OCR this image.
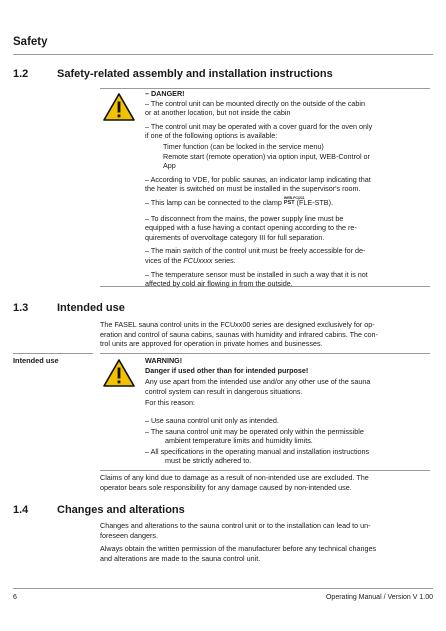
Safety
1.2	Safety-related assembly and installation instructions
– DANGER!
– The control unit can be mounted directly on the outside of the cabin
or at another location, but not inside the cabin
– The control unit may be operated with a cover guard for the oven only
if one of the following options is available:
Timer function (can be locked in the service menu)
Remote start (remote operation) via option input, WEB-Control or
App
– According to VDE, for public saunas, an indicator lamp indicating that
the heater is switched on must be installed in the supervisor's room.
– This lamp can be connected to the clamp WEB-FC/211
PST (FLE-STB).
– To disconnect from the mains, the power supply line must be
equipped with a fuse having a contact opening according to the re-
quirements of overvoltage category III for full separation.
– The main switch of the control unit must be freely accessible for de-
vices of the FCUxxxx series.
– The temperature sensor must be installed in such a way that it is not
affected by cold air flowing in from the outside.
1.3	Intended use
The FASEL sauna control units in the FCUxx00 series are designed exclusively for op-
eration and control of sauna cabins, saunas with humidity and infrared cabins. The con-
trol units are approved for operation in private homes and businesses.
Intended use	WARNING!
Danger if used other than for intended purpose!
Any use apart from the intended use and/or any other use of the sauna
control system can result in dangerous situations.
For this reason:
– Use sauna control unit only as intended.
– The sauna control unit may be operated only within the permissible
ambient temperature limits and humidity limits.
– All specifications in the operating manual and installation instructions
must be strictly adhered to.
Claims of any kind due to damage as a result of non-intended use are excluded. The
operator bears sole responsibility for any damage caused by non-intended use.
1.4	Changes and alterations
Changes and alterations to the sauna control unit or to the installation can lead to un-
foreseen dangers.
Always obtain the written permission of the manufacturer before any technical changes
and alterations are made to the sauna control unit.
6	Operating Manual / Version V 1.00
